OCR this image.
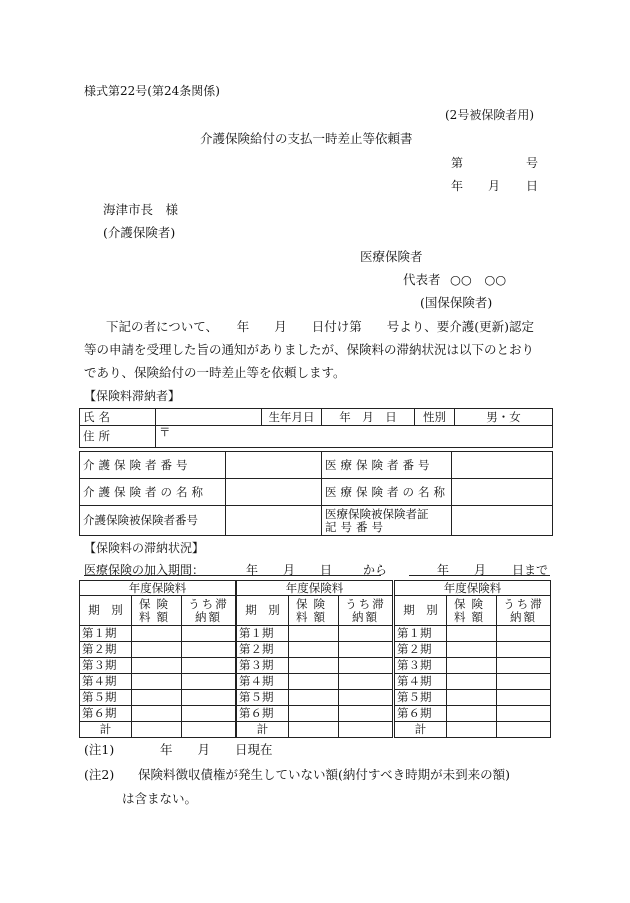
様式第22号(第24条関係)
(2号被保険者用)
介護保険給付の支払一時差止等依頼書
第	号
年 月 日
海津市長　様
(介護保険者)
医療保険者
代表者 ○○　○○
(国保保険者)
下記の者について、　　年　　月　　日付け第　　号より、要介護(更新)認定
等の申請を受理した旨の通知がありましたが、保険料の滞納状況は以下のとおり
であり、保険給付の一時差止等を依頼します。
【保険料滞納者】
氏名		生年月日	年　月　日	性別	男・女
住所	〒				
介護保険者番号		医療保険者番号	
介護保険者の名称		医療保険者の名称	
介護保険被保険者番号		医療保険被保険者証
記号番号	

【保険料の滞納状況】
医療保険の加入期間：	年 月 日	から	年 月 日まで
年度保険料		
期　別	保険料額	うち滞納額
第１期		
第２期		
第３期		
第４期		
第５期		
第６期		
計		
年度保険料		
期　別	保険料額	うち滞納額
第１期		
第２期		
第３期		
第４期		
第５期		
第６期		
計		
年度保険料		
期　別	保険料額	うち滞納額
第１期		
第２期		
第３期		
第４期		
第５期		
第６期		
計		
(注1)	年　　月　　日現在
(注2) 保険料徴収債権が発生していない額(納付すべき時期が未到来の額)
は含まない。
